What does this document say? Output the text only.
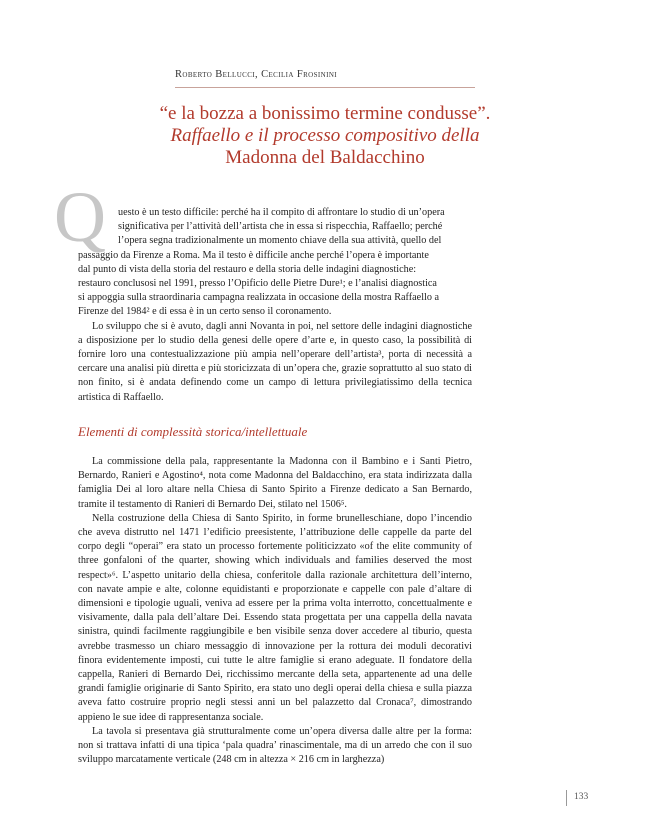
Roberto Bellucci, Cecilia Frosinini
“e la bozza a bonissimo termine condusse”.
Raffaello e il processo compositivo della
Madonna del Baldacchino
Q	uesto è un testo difficile: perché ha il compito di affrontare lo studio di un’opera
significativa per l’attività dell’artista che in essa si rispecchia, Raffaello; perché
l’opera segna tradizionalmente un momento chiave della sua attività, quello del
passaggio da Firenze a Roma. Ma il testo è difficile anche perché l’opera è importante
dal punto di vista della storia del restauro e della storia delle indagini diagnostiche:
restauro conclusosi nel 1991, presso l’Opificio delle Pietre Dure¹; e l’analisi diagnostica
si appoggia sulla straordinaria campagna realizzata in occasione della mostra Raffaello a
Firenze del 1984² e di essa è in un certo senso il coronamento.

Lo sviluppo che si è avuto, dagli anni Novanta in poi, nel settore delle indagini diagnostiche a disposizione per lo studio della genesi delle opere d’arte e, in questo caso, la possibilità di fornire loro una contestualizzazione più ampia nell’operare dell’artista³, porta di necessità a cercare una analisi più diretta e più storicizzata di un’opera che, grazie soprattutto al suo stato di non finito, si è andata definendo come un campo di lettura privilegiatissimo della tecnica artistica di Raffaello.

Elementi di complessità storica/intellettuale

La commissione della pala, rappresentante la Madonna con il Bambino e i Santi Pietro, Bernardo, Ranieri e Agostino⁴, nota come Madonna del Baldacchino, era stata indirizzata dalla famiglia Dei al loro altare nella Chiesa di Santo Spirito a Firenze dedicato a San Bernardo, tramite il testamento di Ranieri di Bernardo Dei, stilato nel 1506⁵.

Nella costruzione della Chiesa di Santo Spirito, in forme brunelleschiane, dopo l’incendio che aveva distrutto nel 1471 l’edificio preesistente, l’attribuzione delle cappelle da parte del corpo degli “operai” era stato un processo fortemente politicizzato «of the elite community of three gonfaloni of the quarter, showing which individuals and families deserved the most respect»⁶. L’aspetto unitario della chiesa, conferitole dalla razionale architettura dell’interno, con navate ampie e alte, colonne equidistanti e proporzionate e cappelle con pale d’altare di dimensioni e tipologie uguali, veniva ad essere per la prima volta interrotto, concettualmente e visivamente, dalla pala dell’altare Dei. Essendo stata progettata per una cappella della navata sinistra, quindi facilmente raggiungibile e ben visibile senza dover accedere al tiburio, questa avrebbe trasmesso un chiaro messaggio di innovazione per la rottura dei moduli decorativi finora evidentemente imposti, cui tutte le altre famiglie si erano adeguate. Il fondatore della cappella, Ranieri di Bernardo Dei, ricchissimo mercante della seta, appartenente ad una delle grandi famiglie originarie di Santo Spirito, era stato uno degli operai della chiesa e sulla piazza aveva fatto costruire proprio negli stessi anni un bel palazzetto dal Cronaca⁷, dimostrando appieno le sue idee di rappresentanza sociale.

La tavola si presentava già strutturalmente come un’opera diversa dalle altre per la forma: non si trattava infatti di una tipica ‘pala quadra’ rinascimentale, ma di un arredo che con il suo sviluppo marcatamente verticale (248 cm in altezza × 216 cm in larghezza)

133
